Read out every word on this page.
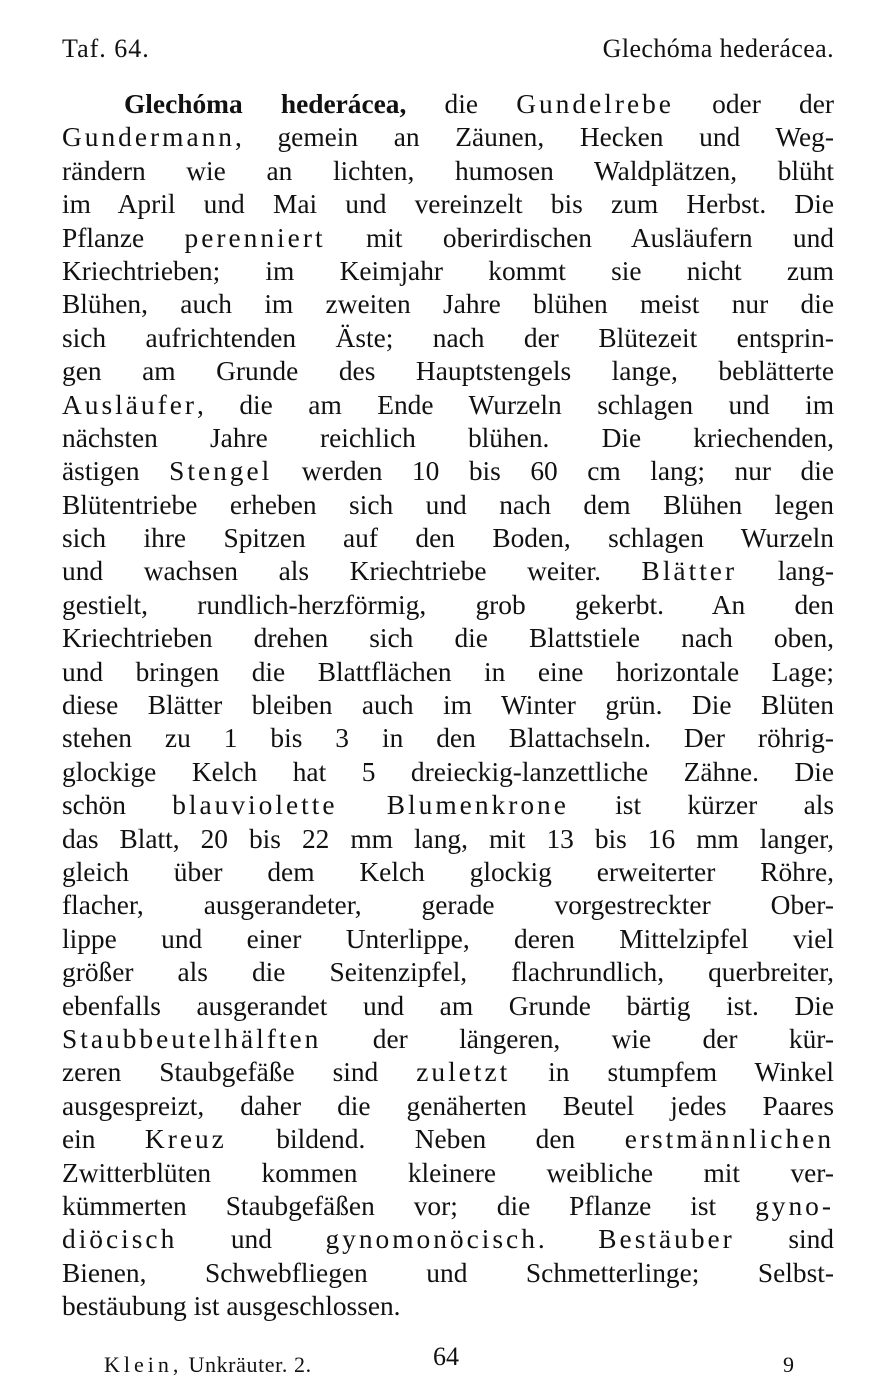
Taf. 64.	Glechóma hederácea.
Glechóma hederácea, die Gundelrebe oder der
Gundermann, gemein an Zäunen, Hecken und Weg-
rändern wie an lichten, humosen Waldplätzen, blüht
im April und Mai und vereinzelt bis zum Herbst. Die
Pflanze perenniert mit oberirdischen Ausläufern und
Kriechtrieben; im Keimjahr kommt sie nicht zum
Blühen, auch im zweiten Jahre blühen meist nur die
sich aufrichtenden Äste; nach der Blütezeit entsprin-
gen am Grunde des Hauptstengels lange, beblätterte
Ausläufer, die am Ende Wurzeln schlagen und im
nächsten Jahre reichlich blühen. Die kriechenden,
ästigen Stengel werden 10 bis 60 cm lang; nur die
Blütentriebe erheben sich und nach dem Blühen legen
sich ihre Spitzen auf den Boden, schlagen Wurzeln
und wachsen als Kriechtriebe weiter. Blätter lang-
gestielt, rundlich-herzförmig, grob gekerbt. An den
Kriechtrieben drehen sich die Blattstiele nach oben,
und bringen die Blattflächen in eine horizontale Lage;
diese Blätter bleiben auch im Winter grün. Die Blüten
stehen zu 1 bis 3 in den Blattachseln. Der röhrig-
glockige Kelch hat 5 dreieckig-lanzettliche Zähne. Die
schön blauviolette Blumenkrone ist kürzer als
das Blatt, 20 bis 22 mm lang, mit 13 bis 16 mm langer,
gleich über dem Kelch glockig erweiterter Röhre,
flacher, ausgerandeter, gerade vorgestreckter Ober-
lippe und einer Unterlippe, deren Mittelzipfel viel
größer als die Seitenzipfel, flachrundlich, querbreiter,
ebenfalls ausgerandet und am Grunde bärtig ist. Die
Staubbeutelhälften der längeren, wie der kür-
zeren Staubgefäße sind zuletzt in stumpfem Winkel
ausgespreizt, daher die genäherten Beutel jedes Paares
ein Kreuz bildend. Neben den erstmännlichen
Zwitterblüten kommen kleinere weibliche mit ver-
kümmerten Staubgefäßen vor; die Pflanze ist gyno-
diöcisch und gynomonöcisch. Bestäuber sind
Bienen, Schwebfliegen und Schmetterlinge; Selbst-
bestäubung ist ausgeschlossen.
Klein, Unkräuter. 2.	64	9
